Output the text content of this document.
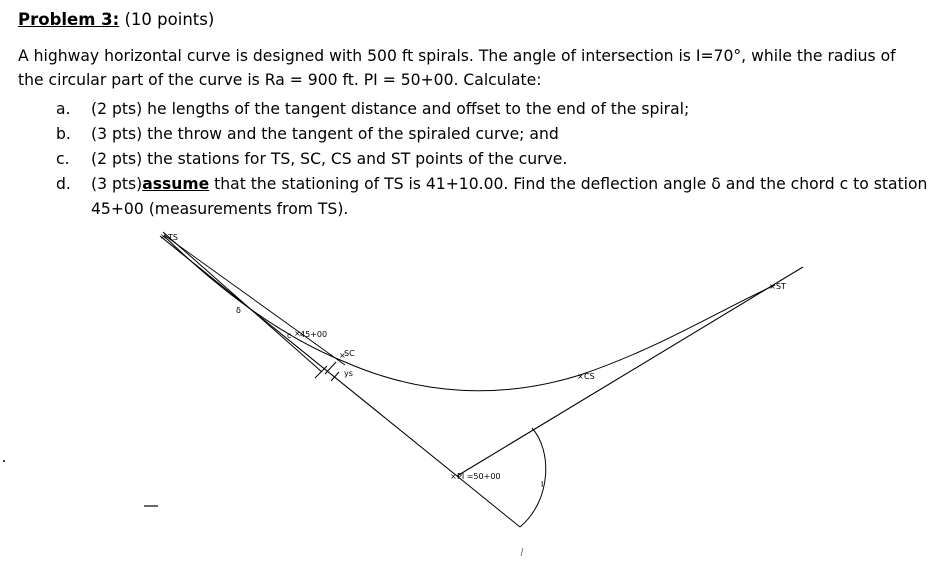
Problem 3: (10 points)
A highway horizontal curve is designed with 500 ft spirals. The angle of intersection is I=70°, while the radius of
the circular part of the curve is Ra = 900 ft. PI = 50+00. Calculate:
a.	(2 pts) he lengths of the tangent distance and offset to the end of the spiral;
b.	(3 pts) the throw and the tangent of the spiraled curve; and
c.	(2 pts) the stations for TS, SC, CS and ST points of the curve.
d.	(3 pts)assume that the stationing of TS is 41+10.00. Find the deflection angle δ and the chord c to station
45+00 (measurements from TS).
× TS
× 45+00
×
SC
× CS
× ST
× PI =50+00
δ
c
ys
I
